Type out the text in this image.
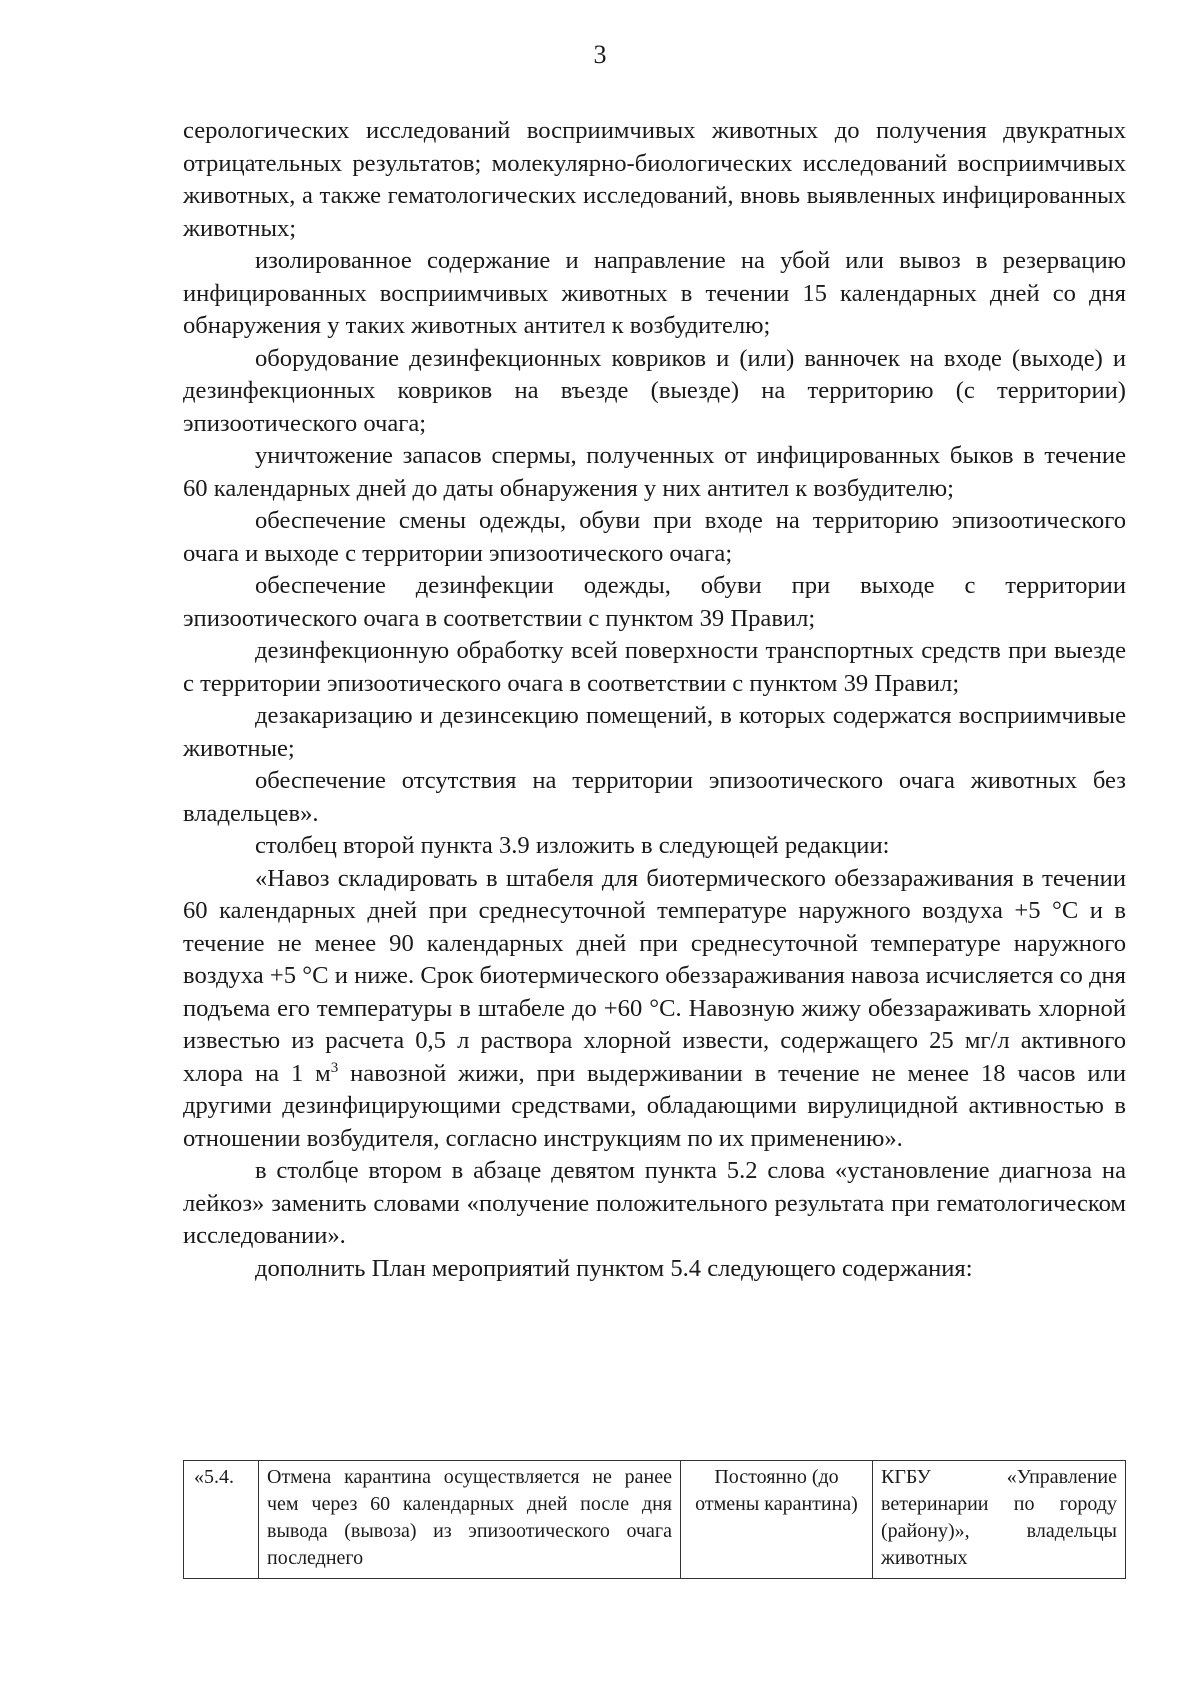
3

серологических исследований восприимчивых животных до получения двукратных отрицательных результатов; молекулярно-биологических исследований восприимчивых животных, а также гематологических исследований, вновь выявленных инфицированных животных;

изолированное содержание и направление на убой или вывоз в резервацию инфицированных восприимчивых животных в течении 15 календарных дней со дня обнаружения у таких животных антител к возбудителю;

оборудование дезинфекционных ковриков и (или) ванночек на входе (выходе) и дезинфекционных ковриков на въезде (выезде) на территорию (с территории) эпизоотического очага;

уничтожение запасов спермы, полученных от инфицированных быков в течение 60 календарных дней до даты обнаружения у них антител к возбудителю;

обеспечение смены одежды, обуви при входе на территорию эпизоотического очага и выходе с территории эпизоотического очага;

обеспечение дезинфекции одежды, обуви при выходе с территории эпизоотического очага в соответствии с пунктом 39 Правил;

дезинфекционную обработку всей поверхности транспортных средств при выезде с территории эпизоотического очага в соответствии с пунктом 39 Правил;

дезакаризацию и дезинсекцию помещений, в которых содержатся восприимчивые животные;

обеспечение отсутствия на территории эпизоотического очага животных без владельцев».

столбец второй пункта 3.9 изложить в следующей редакции:

«Навоз складировать в штабеля для биотермического обеззараживания в течении 60 календарных дней при среднесуточной температуре наружного воздуха +5 °С и в течение не менее 90 календарных дней при среднесуточной температуре наружного воздуха +5 °С и ниже. Срок биотермического обеззараживания навоза исчисляется со дня подъема его температуры в штабеле до +60 °С. Навозную жижу обеззараживать хлорной известью из расчета 0,5 л раствора хлорной извести, содержащего 25 мг/л активного хлора на 1 $м^3$ навозной жижи, при выдерживании в течение не менее 18 часов или другими дезинфицирующими средствами, обладающими вирулицидной активностью в отношении возбудителя, согласно инструкциям по их применению».

в столбце втором в абзаце девятом пункта 5.2 слова «установление диагноза на лейкоз» заменить словами «получение положительного результата при гематологическом исследовании».

дополнить План мероприятий пунктом 5.4 следующего содержания:

«5.4.	Отмена карантина осуществляется не ранее чем через 60 календарных дней после дня вывода (вывоза) из эпизоотического очага последнего	Постоянно (до отмены карантина)	КГБУ «Управление ветеринарии по городу (району)», владельцы животных
